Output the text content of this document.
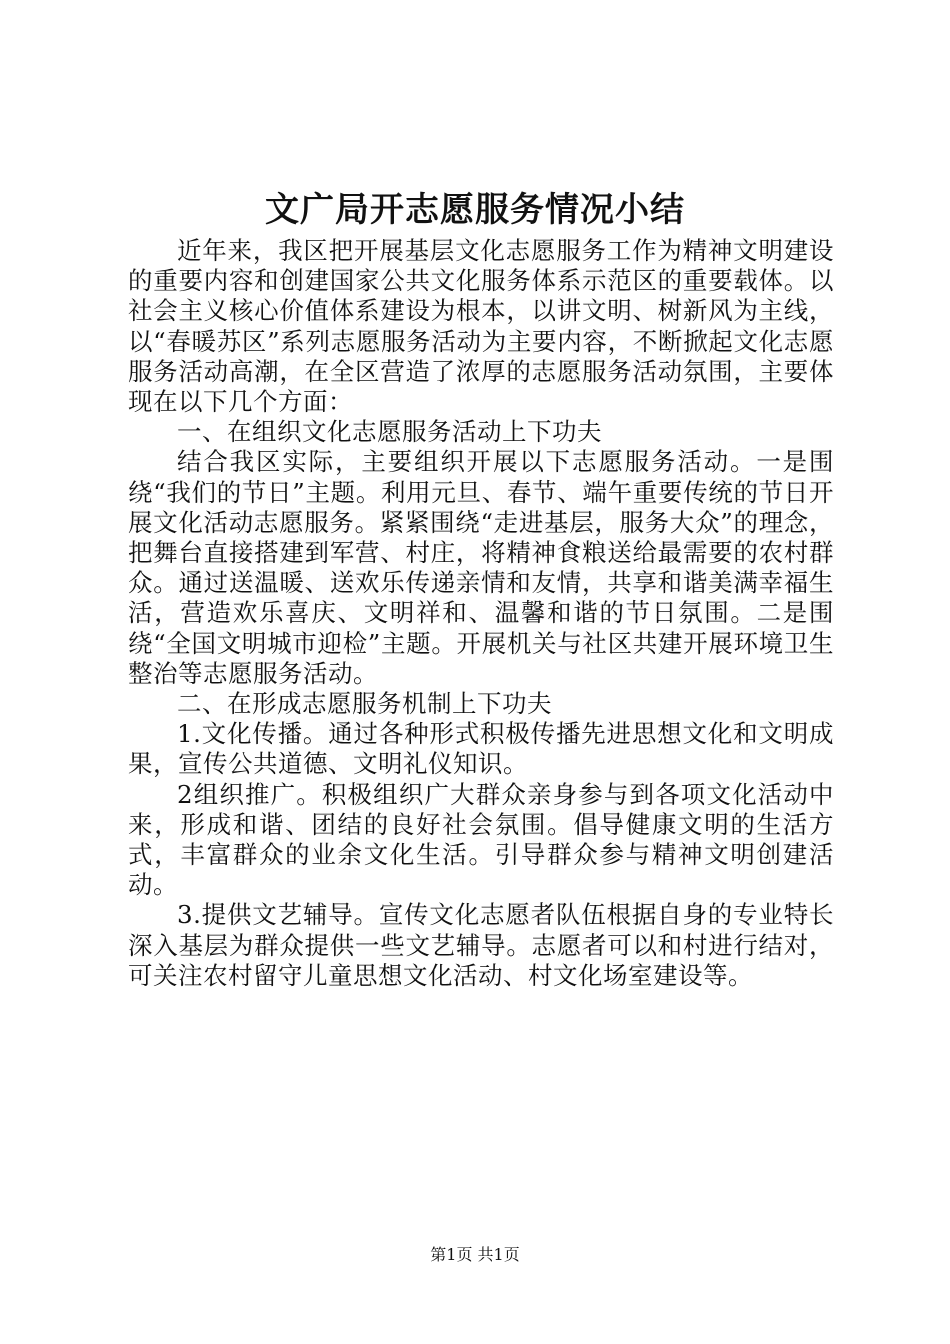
文广局开志愿服务情况小结

近年来，我区把开展基层文化志愿服务工作为精神文明建设的重要内容和创建国家公共文化服务体系示范区的重要载体。以社会主义核心价值体系建设为根本，以讲文明、树新风为主线，以“春暖苏区”系列志愿服务活动为主要内容，不断掀起文化志愿服务活动高潮，在全区营造了浓厚的志愿服务活动氛围，主要体现在以下几个方面：

一、在组织文化志愿服务活动上下功夫

结合我区实际，主要组织开展以下志愿服务活动。一是围绕“我们的节日”主题。利用元旦、春节、端午重要传统的节日开展文化活动志愿服务。紧紧围绕“走进基层，服务大众”的理念，把舞台直接搭建到军营、村庄，将精神食粮送给最需要的农村群众。通过送温暖、送欢乐传递亲情和友情，共享和谐美满幸福生活，营造欢乐喜庆、文明祥和、温馨和谐的节日氛围。二是围绕“全国文明城市迎检”主题。开展机关与社区共建开展环境卫生整治等志愿服务活动。

二、在形成志愿服务机制上下功夫

1.文化传播。通过各种形式积极传播先进思想文化和文明成果，宣传公共道德、文明礼仪知识。

2组织推广。积极组织广大群众亲身参与到各项文化活动中来，形成和谐、团结的良好社会氛围。倡导健康文明的生活方式，丰富群众的业余文化生活。引导群众参与精神文明创建活动。

3.提供文艺辅导。宣传文化志愿者队伍根据自身的专业特长深入基层为群众提供一些文艺辅导。志愿者可以和村进行结对，可关注农村留守儿童思想文化活动、村文化场室建设等。

第1页 共1页
